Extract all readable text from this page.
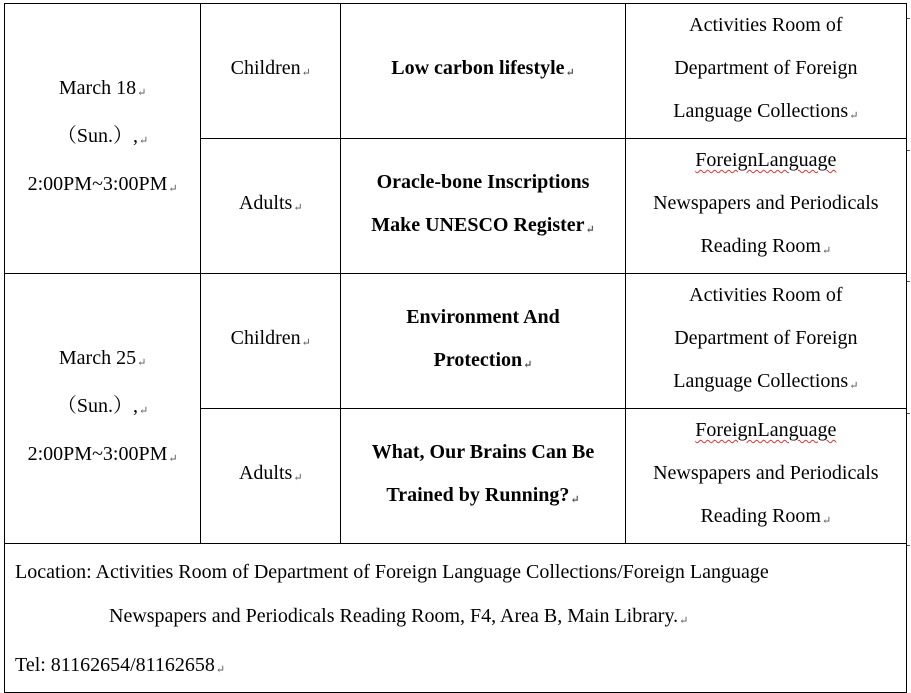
March 18↵
（Sun.）,↵
2:00PM~3:00PM↵	Children↵	Low carbon lifestyle↵	Activities Room of
Department of Foreign
Language Collections↵

	Adults↵	Oracle-bone Inscriptions
Make UNESCO Register↵	ForeignLanguage
Newspapers and Periodicals
Reading Room↵

March 25↵
（Sun.）,↵
2:00PM~3:00PM↵	Children↵	Environment And
Protection↵	Activities Room of
Department of Foreign
Language Collections↵

	Adults↵	What, Our Brains Can Be
Trained by Running?↵	ForeignLanguage
Newspapers and Periodicals
Reading Room↵

Location: Activities Room of Department of Foreign Language Collections/Foreign Language
Newspapers and Periodicals Reading Room, F4, Area B, Main Library.↵
Tel: 81162654/81162658↵			
